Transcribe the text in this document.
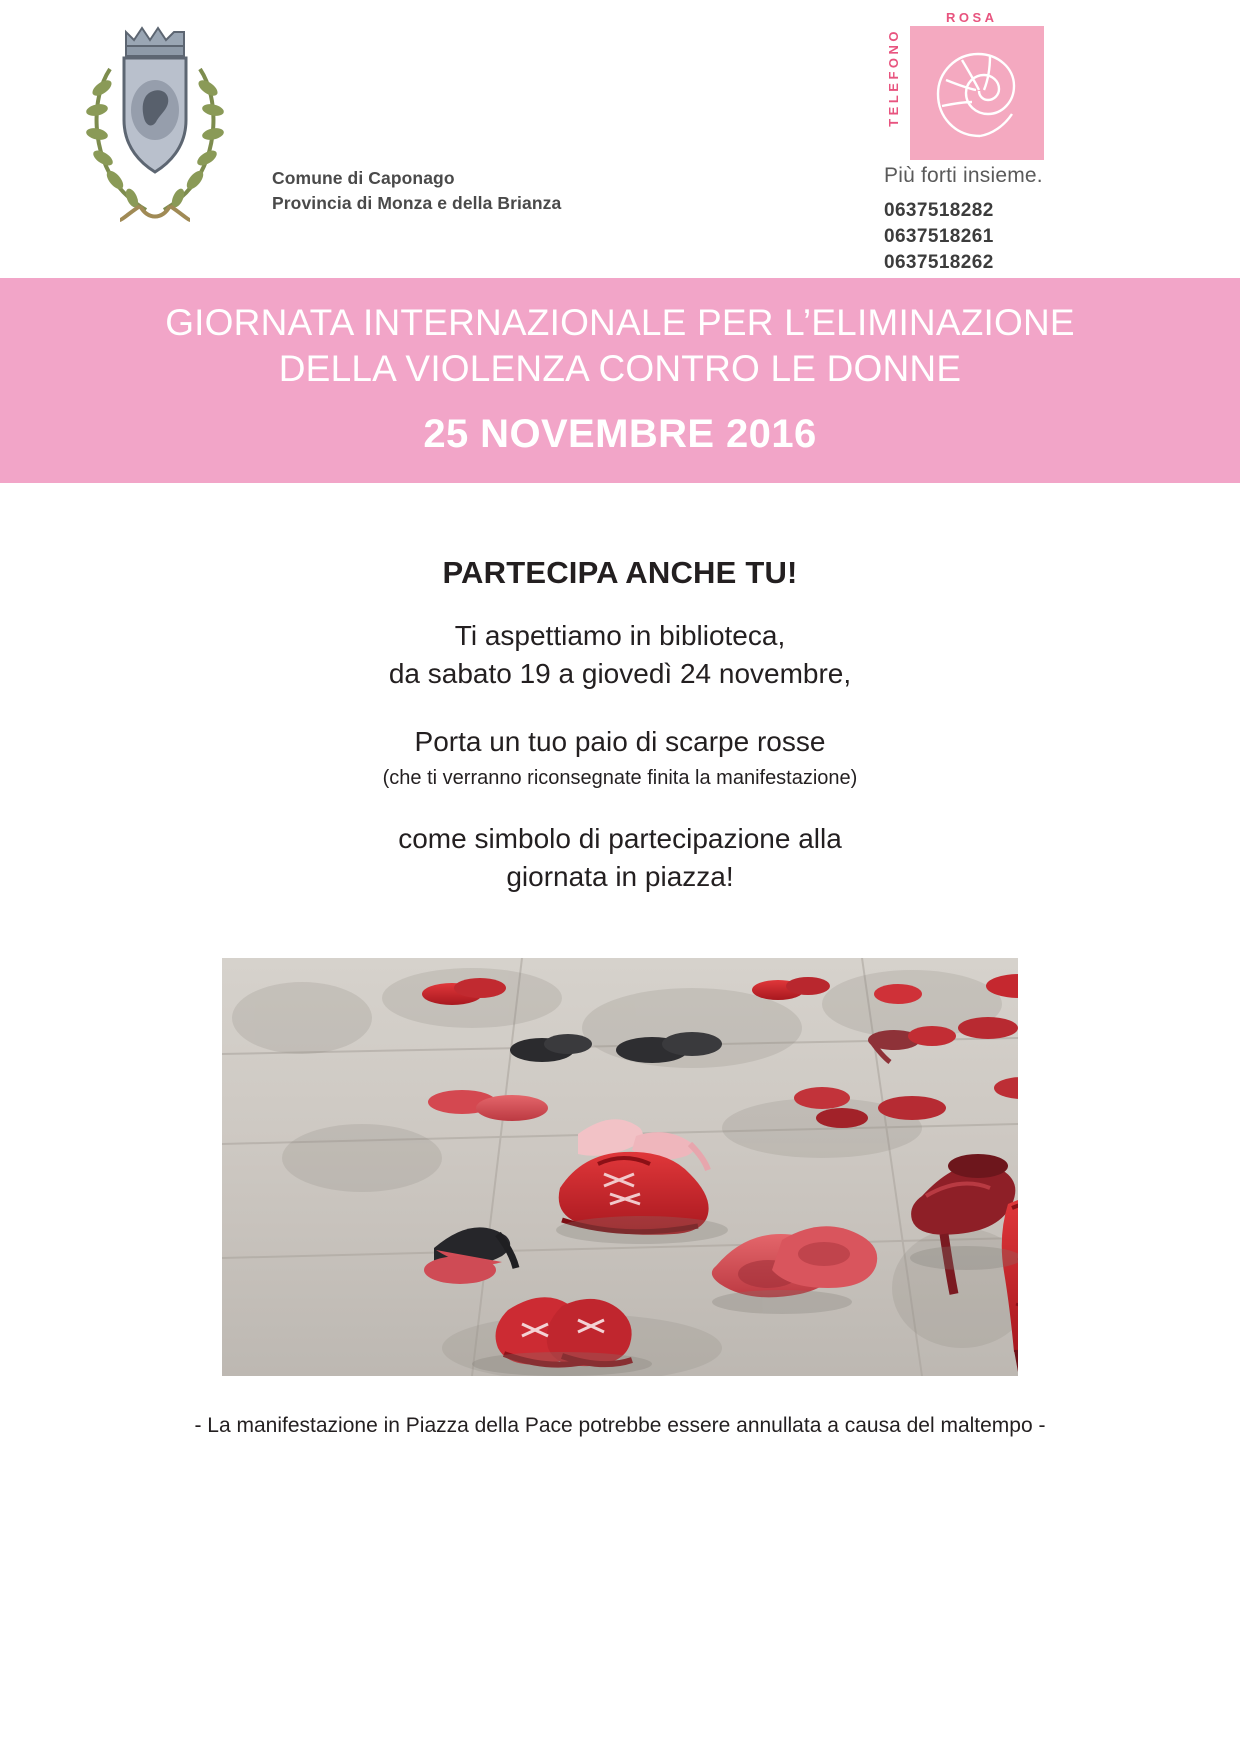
Comune di Caponago
Provincia di Monza e della Brianza
ROSA
TELEFONO
Più forti insieme.
0637518282
0637518261
0637518262
GIORNATA INTERNAZIONALE PER L’ELIMINAZIONE
DELLA VIOLENZA CONTRO LE DONNE
25 NOVEMBRE 2016
PARTECIPA ANCHE TU!
Ti aspettiamo in biblioteca,
da sabato 19 a giovedì 24 novembre,
Porta un tuo paio di scarpe rosse
(che ti verranno riconsegnate finita la manifestazione)
come simbolo di partecipazione alla
giornata in piazza!
- La manifestazione in Piazza della Pace potrebbe essere annullata a causa del maltempo -
